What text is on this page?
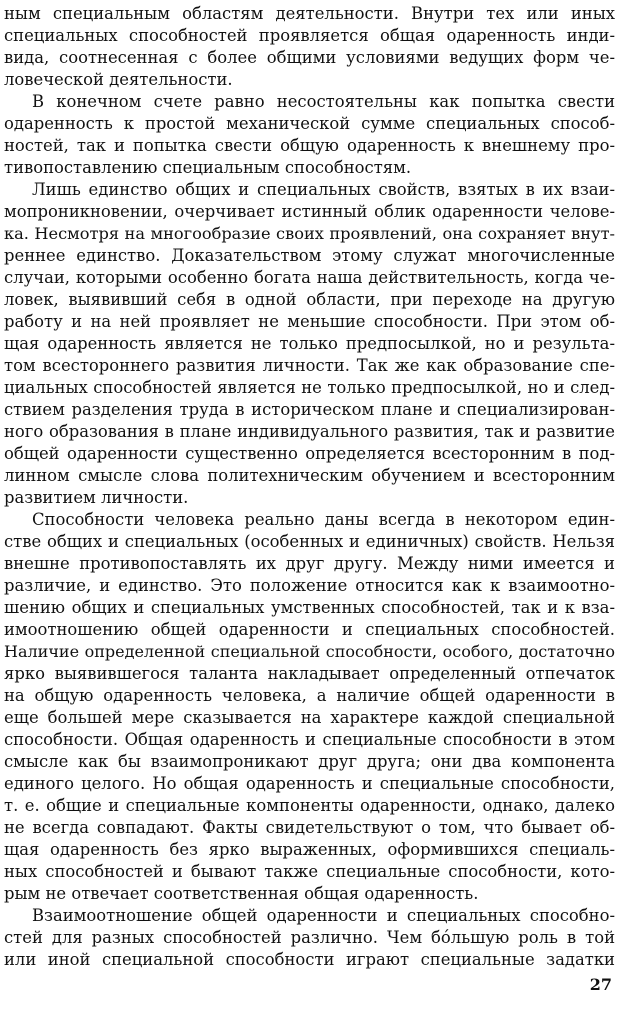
ным специальным областям деятельности. Внутри тех или иных
специальных способностей проявляется общая одаренность инди-
вида, соотнесенная с более общими условиями ведущих форм че-
ловеческой деятельности.
В конечном счете равно несостоятельны как попытка свести
одаренность к простой механической сумме специальных способ-
ностей, так и попытка свести общую одаренность к внешнему про-
тивопоставлению специальным способностям.
Лишь единство общих и специальных свойств, взятых в их взаи-
мопроникновении, очерчивает истинный облик одаренности челове-
ка. Несмотря на многообразие своих проявлений, она сохраняет внут-
реннее единство. Доказательством этому служат многочисленные
случаи, которыми особенно богата наша действительность, когда че-
ловек, выявивший себя в одной области, при переходе на другую
работу и на ней проявляет не меньшие способности. При этом об-
щая одаренность является не только предпосылкой, но и результа-
том всестороннего развития личности. Так же как образование спе-
циальных способностей является не только предпосылкой, но и след-
ствием разделения труда в историческом плане и специализирован-
ного образования в плане индивидуального развития, так и развитие
общей одаренности существенно определяется всесторонним в под-
линном смысле слова политехническим обучением и всесторонним
развитием личности.
Способности человека реально даны всегда в некотором един-
стве общих и специальных (особенных и единичных) свойств. Нельзя
внешне противопоставлять их друг другу. Между ними имеется и
различие, и единство. Это положение относится как к взаимоотно-
шению общих и специальных умственных способностей, так и к вза-
имоотношению общей одаренности и специальных способностей.
Наличие определенной специальной способности, особого, достаточно
ярко выявившегося таланта накладывает определенный отпечаток
на общую одаренность человека, а наличие общей одаренности в
еще большей мере сказывается на характере каждой специальной
способности. Общая одаренность и специальные способности в этом
смысле как бы взаимопроникают друг друга; они два компонента
единого целого. Но общая одаренность и специальные способности,
т. е. общие и специальные компоненты одаренности, однако, далеко
не всегда совпадают. Факты свидетельствуют о том, что бывает об-
щая одаренность без ярко выраженных, оформившихся специаль-
ных способностей и бывают также специальные способности, кото-
рым не отвечает соответственная общая одаренность.
Взаимоотношение общей одаренности и специальных способно-
стей для разных способностей различно. Чем бóльшую роль в той
или иной специальной способности играют специальные задатки
27
